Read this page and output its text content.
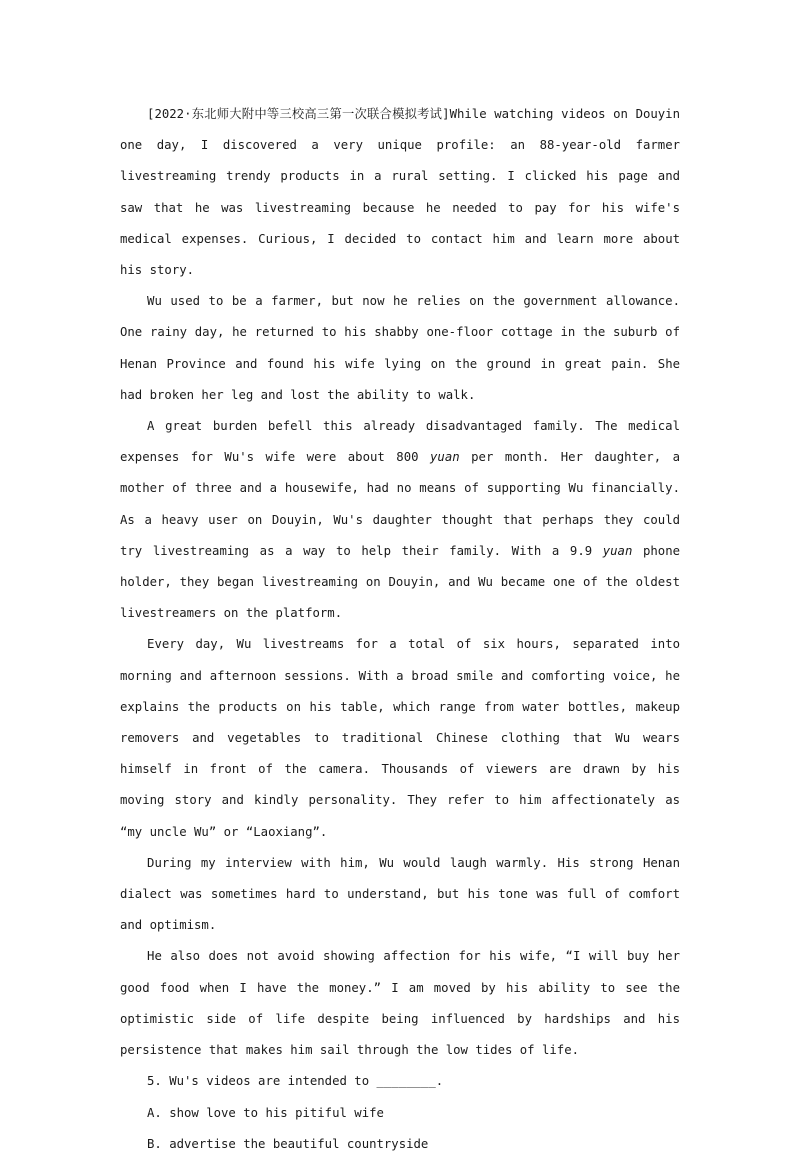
[2022·东北师大附中等三校高三第一次联合模拟考试]While watching videos on Douyin one day, I discovered a very unique profile: an 88-year-old farmer livestreaming trendy products in a rural setting. I clicked his page and saw that he was livestreaming because he needed to pay for his wife's medical expenses. Curious, I decided to contact him and learn more about his story.

Wu used to be a farmer, but now he relies on the government allowance. One rainy day, he returned to his shabby one-floor cottage in the suburb of Henan Province and found his wife lying on the ground in great pain. She had broken her leg and lost the ability to walk.

A great burden befell this already disadvantaged family. The medical expenses for Wu's wife were about 800 yuan per month. Her daughter, a mother of three and a housewife, had no means of supporting Wu financially. As a heavy user on Douyin, Wu's daughter thought that perhaps they could try livestreaming as a way to help their family. With a 9.9 yuan phone holder, they began livestreaming on Douyin, and Wu became one of the oldest livestreamers on the platform.

Every day, Wu livestreams for a total of six hours, separated into morning and afternoon sessions. With a broad smile and comforting voice, he explains the products on his table, which range from water bottles, makeup removers and vegetables to traditional Chinese clothing that Wu wears himself in front of the camera. Thousands of viewers are drawn by his moving story and kindly personality. They refer to him affectionately as “my uncle Wu” or “Laoxiang”.

During my interview with him, Wu would laugh warmly. His strong Henan dialect was sometimes hard to understand, but his tone was full of comfort and optimism.

He also does not avoid showing affection for his wife, “I will buy her good food when I have the money.” I am moved by his ability to see the optimistic side of life despite being influenced by hardships and his persistence that makes him sail through the low tides of life.

5. Wu's videos are intended to ________.

A. show love to his pitiful wife

B. advertise the beautiful countryside
